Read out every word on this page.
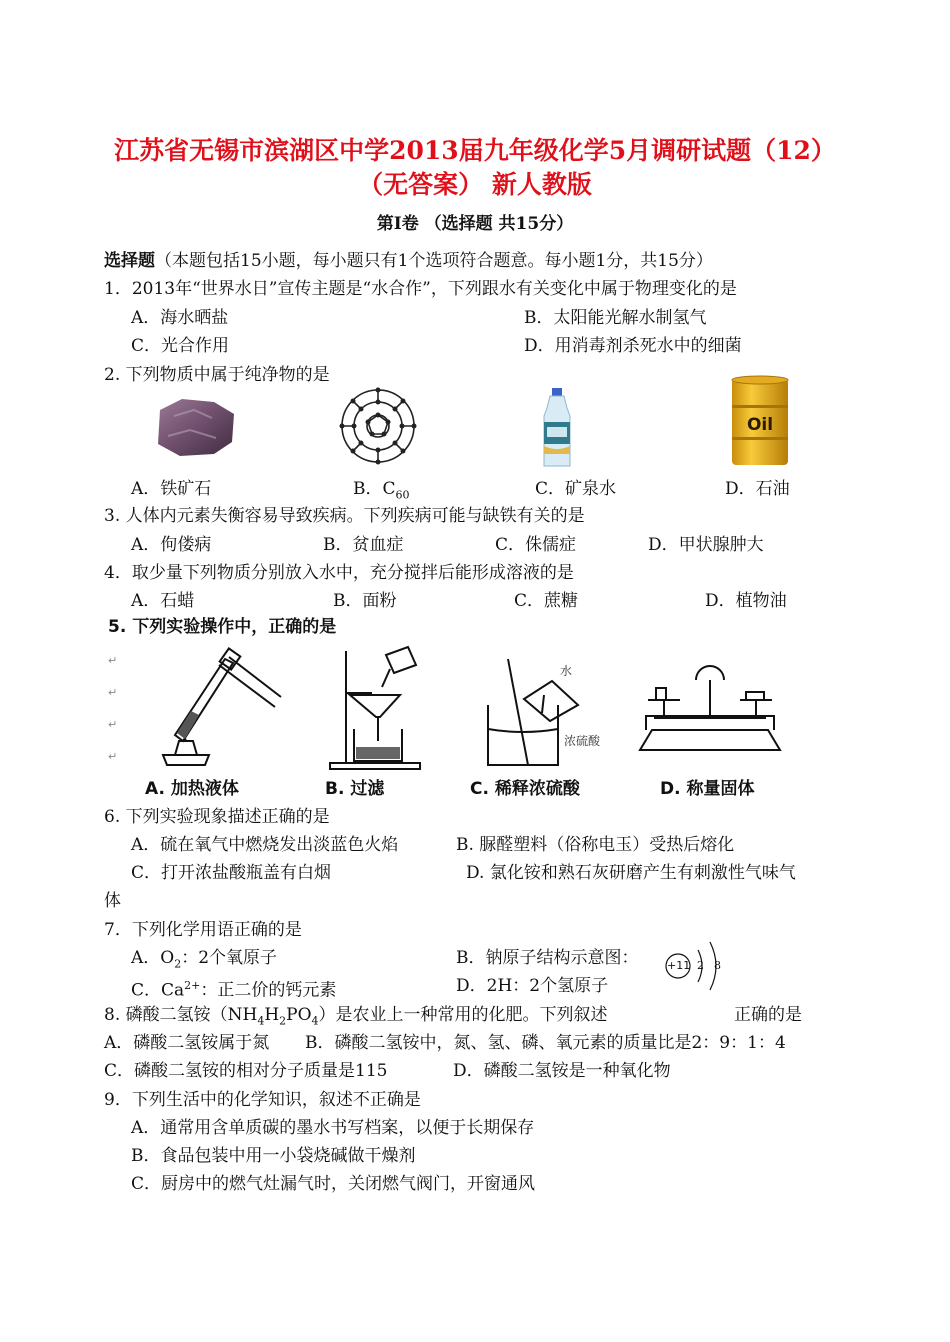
江苏省无锡市滨湖区中学2013届九年级化学5月调研试题（12）
（无答案） 新人教版
第Ⅰ卷 （选择题 共15分）
选择题（本题包括15小题，每小题只有1个选项符合题意。每小题1分，共15分）
1．2013年“世界水日”宣传主题是“水合作”，下列跟水有关变化中属于物理变化的是
A．海水晒盐	B．太阳能光解水制氢气
C．光合作用	D．用消毒剂杀死水中的细菌
2. 下列物质中属于纯净物的是
Oil
A．铁矿石	B．$C_{60}$	C．矿泉水	D．石油
3. 人体内元素失衡容易导致疾病。下列疾病可能与缺铁有关的是
A．佝偻病	B．贫血症	C．侏儒症	D．甲状腺肿大
4．取少量下列物质分别放入水中，充分搅拌后能形成溶液的是
A．石蜡	B．面粉	C．蔗糖	D．植物油
5. 下列实验操作中，正确的是
↵
↵
↵
↵
水
浓硫酸
A. 加热液体	B. 过滤	C. 稀释浓硫酸	D. 称量固体
6. 下列实验现象描述正确的是
A．硫在氧气中燃烧发出淡蓝色火焰	B. 脲醛塑料（俗称电玉）受热后熔化
C．打开浓盐酸瓶盖有白烟	D. 氯化铵和熟石灰研磨产生有刺激性气味气
体
7．下列化学用语正确的是
A．$O_2$：2个氧原子	B．钠原子结构示意图：	+11 2 8
C．$Ca^{2+}$：正二价的钙元素	D．2H：2个氢原子
8. 磷酸二氢铵$(NH_4H_2PO_4)$是农业上一种常用的化肥。下列叙述	正确的是
A．磷酸二氢铵属于氮 B．磷酸二氢铵中，氮、氢、磷、氧元素的质量比是2：9：1：4
C．磷酸二氢铵的相对分子质量是115	D．磷酸二氢铵是一种氧化物
9．下列生活中的化学知识，叙述不正确是
A．通常用含单质碳的墨水书写档案，以便于长期保存
B．食品包装中用一小袋烧碱做干燥剂
C．厨房中的燃气灶漏气时，关闭燃气阀门，开窗通风
